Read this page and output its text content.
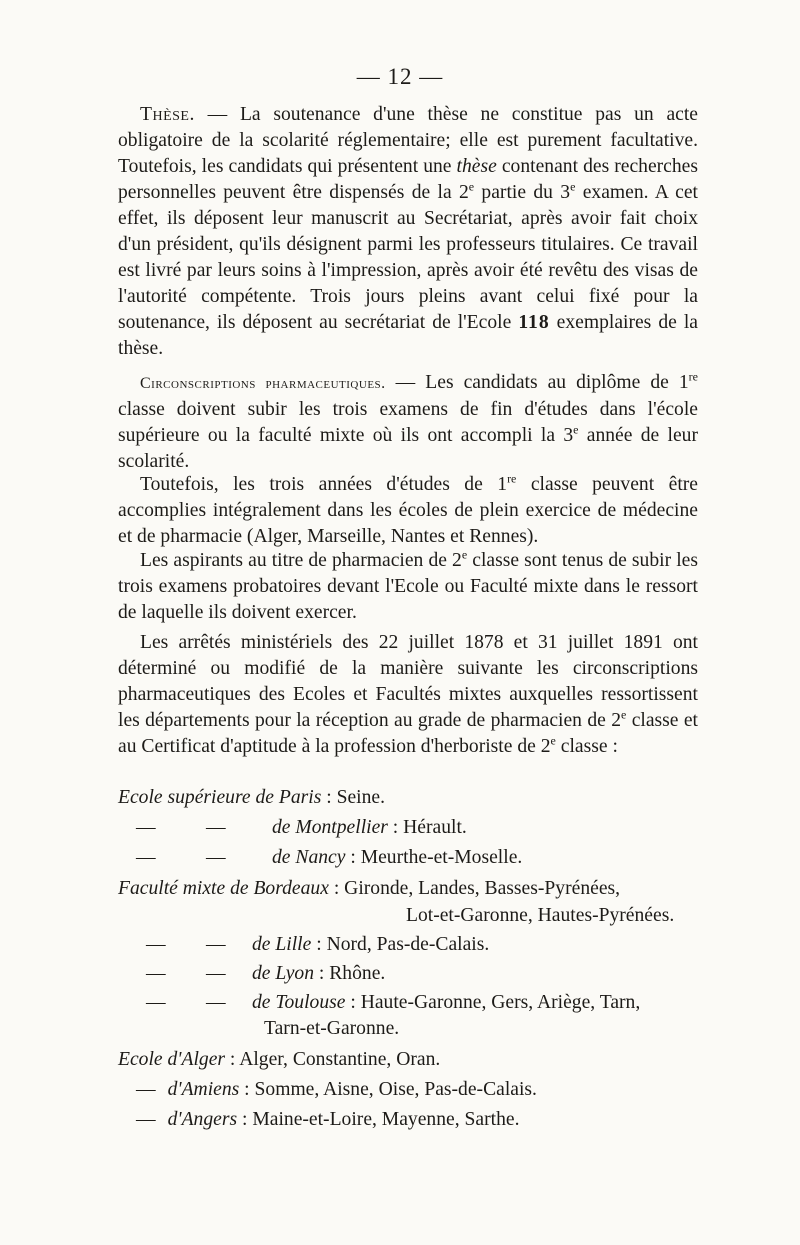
— 12 —

Thèse. — La soutenance d'une thèse ne constitue pas un acte obligatoire de la scolarité réglementaire; elle est purement facultative. Toutefois, les candidats qui présentent une thèse contenant des recherches personnelles peuvent être dispensés de la 2e partie du 3e examen. A cet effet, ils déposent leur manuscrit au Secrétariat, après avoir fait choix d'un président, qu'ils désignent parmi les professeurs titulaires. Ce travail est livré par leurs soins à l'impression, après avoir été revêtu des visas de l'autorité compétente. Trois jours pleins avant celui fixé pour la soutenance, ils déposent au secrétariat de l'Ecole 118 exemplaires de la thèse.

Circonscriptions pharmaceutiques. — Les candidats au diplôme de 1re classe doivent subir les trois examens de fin d'études dans l'école supérieure ou la faculté mixte où ils ont accompli la 3e année de leur scolarité.

Toutefois, les trois années d'études de 1re classe peuvent être accomplies intégralement dans les écoles de plein exercice de médecine et de pharmacie (Alger, Marseille, Nantes et Rennes).

Les aspirants au titre de pharmacien de 2e classe sont tenus de subir les trois examens probatoires devant l'Ecole ou Faculté mixte dans le ressort de laquelle ils doivent exercer.

Les arrêtés ministériels des 22 juillet 1878 et 31 juillet 1891 ont déterminé ou modifié de la manière suivante les circonscriptions pharmaceutiques des Ecoles et Facultés mixtes auxquelles ressortissent les départements pour la réception au grade de pharmacien de 2e classe et au Certificat d'aptitude à la profession d'herboriste de 2e classe :

Ecole supérieure de Paris : Seine.
—	— de Montpellier : Hérault.
—	— de Nancy : Meurthe-et-Moselle.
Faculté mixte de Bordeaux : Gironde, Landes, Basses-Pyrénées,
Lot-et-Garonne, Hautes-Pyrénées.
— — de Lille : Nord, Pas-de-Calais.
— — de Lyon : Rhône.
— — de Toulouse : Haute-Garonne, Gers, Ariège, Tarn,
Tarn-et-Garonne.
Ecole d'Alger : Alger, Constantine, Oran.
— d'Amiens : Somme, Aisne, Oise, Pas-de-Calais.
— d'Angers : Maine-et-Loire, Mayenne, Sarthe.
